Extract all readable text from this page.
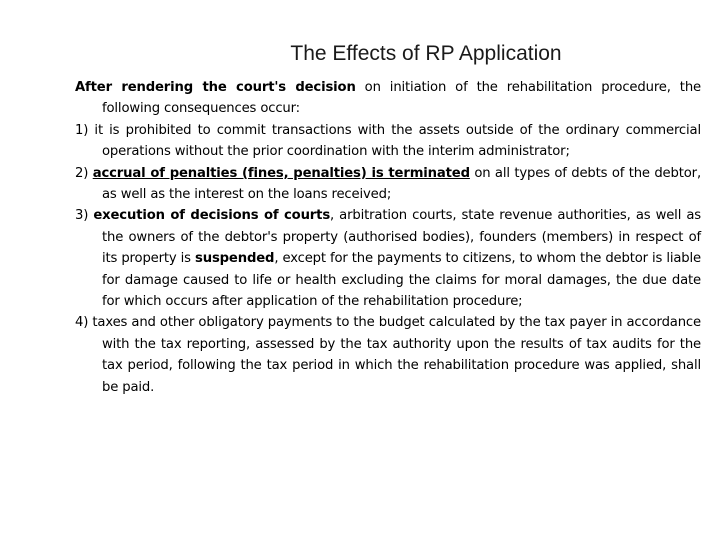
The Effects of RP Application

After rendering the court's decision on initiation of the rehabilitation procedure, the following consequences occur:

1) it is prohibited to commit transactions with the assets outside of the ordinary commercial operations without the prior coordination with the interim administrator;

2) accrual of penalties (fines, penalties) is terminated on all types of debts of the debtor, as well as the interest on the loans received;

3) execution of decisions of courts, arbitration courts, state revenue authorities, as well as the owners of the debtor's property (authorised bodies), founders (members) in respect of its property is suspended, except for the payments to citizens, to whom the debtor is liable for damage caused to life or health excluding the claims for moral damages, the due date for which occurs after application of the rehabilitation procedure;

4) taxes and other obligatory payments to the budget calculated by the tax payer in accordance with the tax reporting, assessed by the tax authority upon the results of tax audits for the tax period, following the tax period in which the rehabilitation procedure was applied, shall be paid.
